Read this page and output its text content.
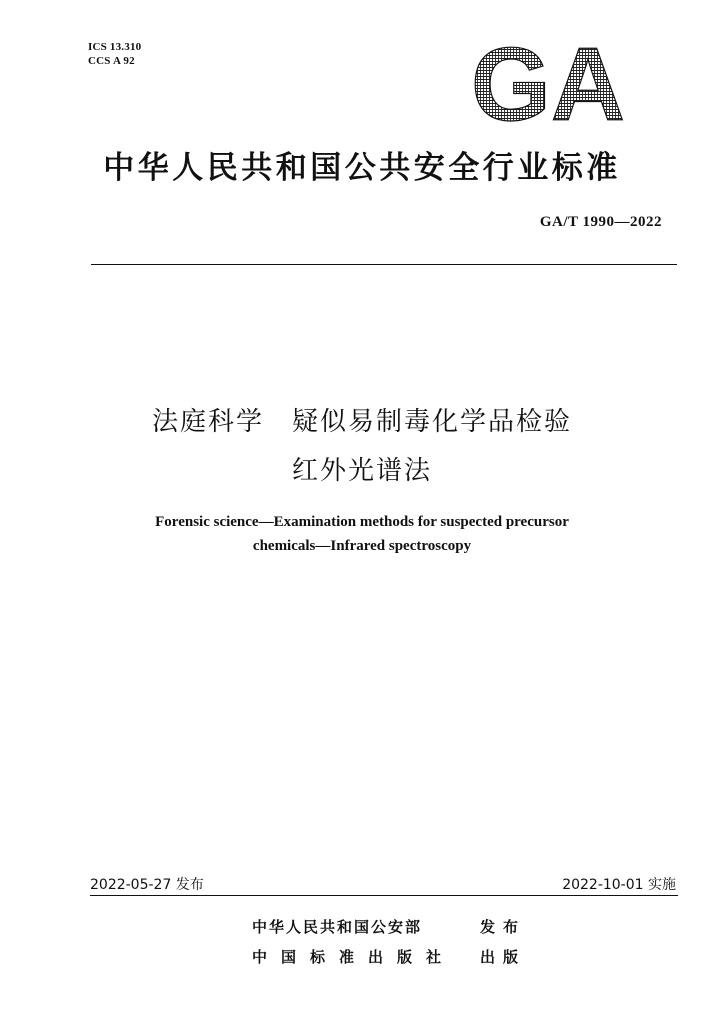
ICS 13.310
CCS A 92	GA
中华人民共和国公共安全行业标准
GA/T 1990—2022
法庭科学　疑似易制毒化学品检验
红外光谱法
Forensic science—Examination methods for suspected precursor
chemicals—Infrared spectroscopy
2022-05-27 发布	2022-10-01 实施
中华人民共和国公安部	发布
中国标准出版社 出版
